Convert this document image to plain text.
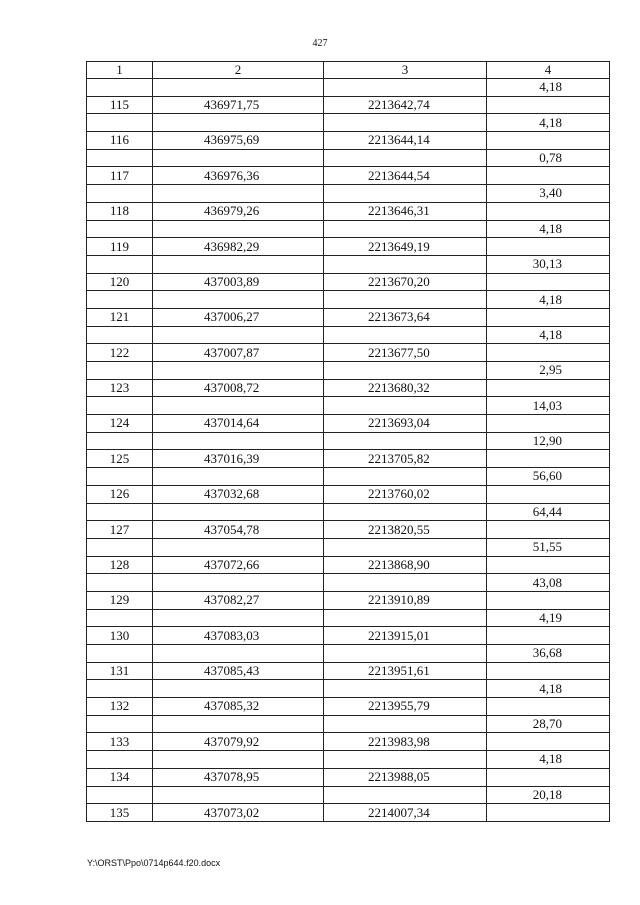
427
1	2	3	4
			4,18
115	436971,75	2213642,74	
			4,18
116	436975,69	2213644,14	
			0,78
117	436976,36	2213644,54	
			3,40
118	436979,26	2213646,31	
			4,18
119	436982,29	2213649,19	
			30,13
120	437003,89	2213670,20	
			4,18
121	437006,27	2213673,64	
			4,18
122	437007,87	2213677,50	
			2,95
123	437008,72	2213680,32	
			14,03
124	437014,64	2213693,04	
			12,90
125	437016,39	2213705,82	
			56,60
126	437032,68	2213760,02	
			64,44
127	437054,78	2213820,55	
			51,55
128	437072,66	2213868,90	
			43,08
129	437082,27	2213910,89	
			4,19
130	437083,03	2213915,01	
			36,68
131	437085,43	2213951,61	
			4,18
132	437085,32	2213955,79	
			28,70
133	437079,92	2213983,98	
			4,18
134	437078,95	2213988,05	
			20,18
135	437073,02	2214007,34	
Y:\ORST\Ppo\0714p644.f20.docx
